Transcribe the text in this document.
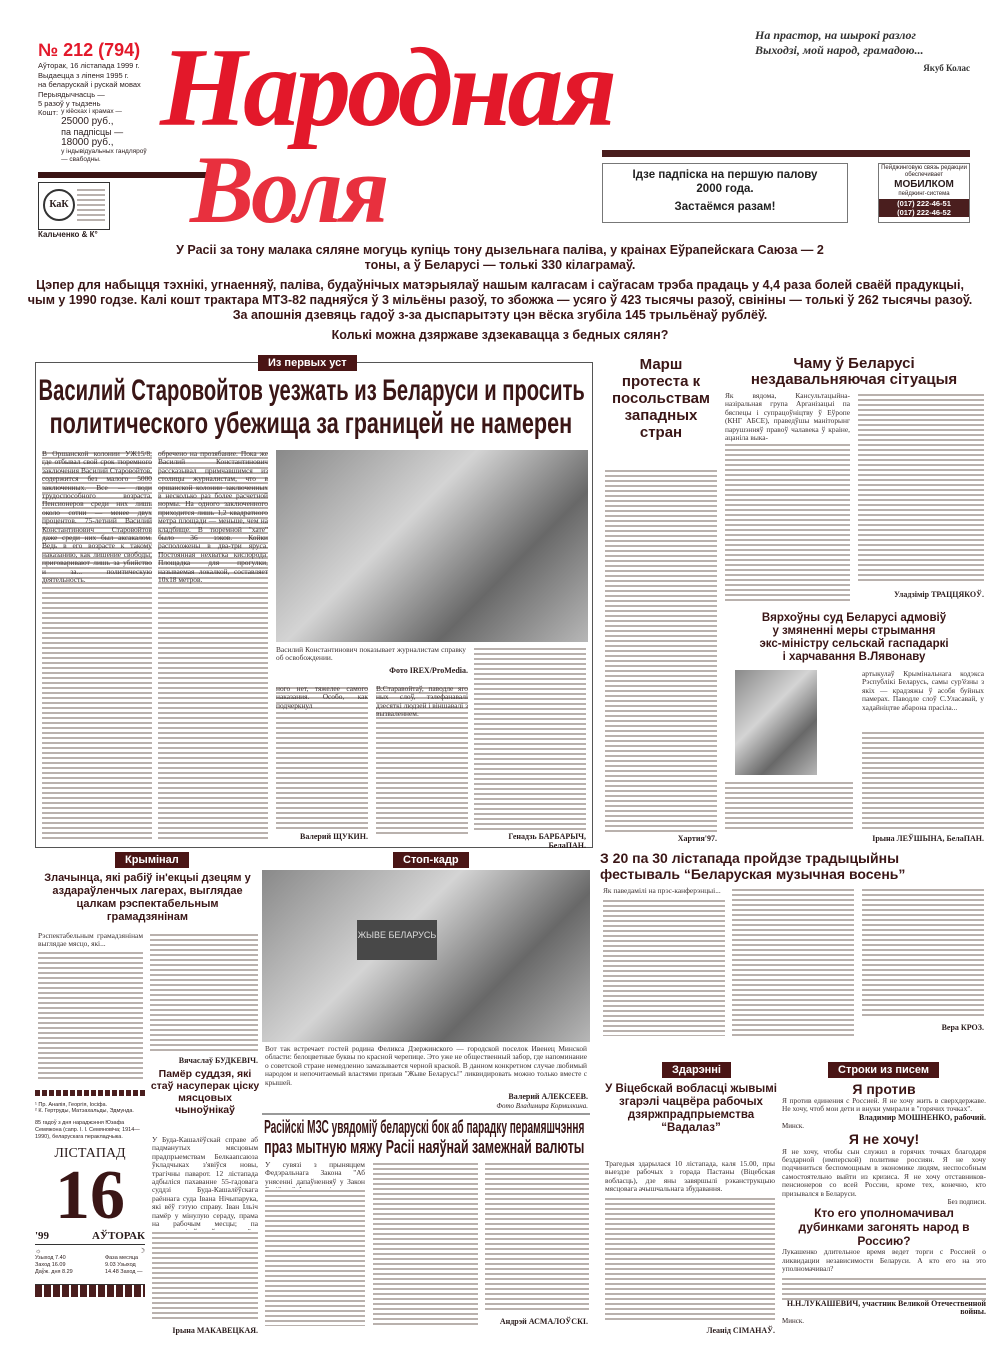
№ 212 (794)
Аўторак, 16 лістапада 1999 г.
Выдаецца з ліпеня 1995 г.
на беларускай і рускай мовах
Перыядычнасць —
5 разоў у тыдзень
Кошт: у кіёсках і крамах —
25000 руб.,
па падпісцы —
18000 руб.,
у індывідуальных гандляроў
— свабодны.
КаК
Кальченко & К°
Народная
Воля
На прастор, на шырокі разлог
Выходзі, мой народ, грамадою...
Якуб Колас
Ідзе падпіска на першую палову
2000 года.
Застаёмся разам!
Пейджинговую связь редакции обеспечивает
МОБИЛКОМ
пейджинг-система
(017) 222-46-51
(017) 222-46-52
У Расіі за тону малака сяляне могуць купіць тону дызельнага паліва, у краінах Еўрапейскага Саюза — 2 тоны, а ў Беларусі — толькі 330 кілаграмаў.
Цэпер для набыцця тэхнікі, угнаенняў, паліва, будаўнічых матэрыялаў нашым калгасам і саўгасам трэба прадаць у 4,4 раза болей сваёй прадукцыі, чым у 1990 годзе. Калі кошт трактара МТЗ-82 падняўся ў 3 мільёны разоў, то збожжа — усяго ў 423 тысячы разоў, свініны — толькі ў 262 тысячы разоў. За апошнія дзевяць гадоў з-за дыспарытэту цэн вёска згубіла 145 трыльёнаў рублёў.
Колькі можна дзяржаве здзекавацца з бедных сялян?
Из первых уст
Василий Старовойтов уезжать из Беларуси и просить
политического убежища за границей не намерен
В Оршанской колонии УЖ15/8, где отбывал свой срок тюремного заключения Василий Старовойтов, содержится без малого 5000 заключенных. Все — люди трудоспособного возраста. Пенсионеров среди них лишь около сотни — менее двух процентов. 75-летний Василий Константинович Старовойтов даже среди них был аксакалом. Ведь в его возрасте к такому наказанию, как лишение свободы, приговаривают лишь за убийство и за... политическую деятельность.
обречено на прозябание. Пока же Василий Константинович рассказывал примчавшимся из столицы журналистам, что в оршанской колонии заключенных в несколько раз более расчетной нормы. На одного заключенного приходится лишь 1,2 квадратного метра площади — меньше, чем на кладбище. В тюремной "хате" было 36 зэков. Койки расположены в два-три яруса. Постоянная нехватка кислорода. Площадка для прогулки, называемая локалкой, составляет 10х18 метров.
Василий Константинович показывает журналистам справку об освобождении.
Фото IREX/ProMedia.
ного нет, тяжелее самого наказания. Особо, как подчеркнул
Валерий ЩУКИН.
В.Старавойтаў, паводле яго ных слоў, тэлефанавалі дзесяткі людзей і віншавалі з вызваленнем.
Генадзь БАРБАРЫЧ, БелаПАН.
Марш протеста к посольствам западных стран
Хартия'97.
Чаму ў Беларусі
нездавальняючая сітуацыя
Як вядома, Кансультацыйна-назіральная група Арганізацыі па бяспецы і супрацоўніцтву ў Еўропе (КНГ АБСЕ), праведўшы маніторынг парушэнняў правоў чалавека ў краіне, ацаніла выка-
Уладзімір ТРАЦЦЯКОЎ.
Вярхоўны суд Беларусі адмовіў
у змяненні меры стрымання
экс-міністру сельскай гаспадаркі
і харчавання В.Лявонаву
артыкулаў Крымінальнага кодэкса Рэспублікі Беларусь, самы сур'ёзны з якіх — крадзяжы ў асобя буйных памерах. Паводле слоў С.Уласавай, у хадайніцтве абарона прасіла...
Ірына ЛЕЎШЫНА, БелаПАН.
Крымінал
Злачынца, які рабіў ін'екцыі дзецям у аздараўленчых лагерах, выглядае цалкам рэспектабельным грамадзянінам
Рэспектабельным грамадзянінам выглядае мясцо, які...
Вячаслаў БУДКЕВІЧ.
¹ Пр. Анапія, Георгія, Іосіфа.
² К. Гертруды, Матэахальды, Эдмунда.
85 гадоў з дня нараджэння Юзафа Семяжона (сапр. І. І. Семяновіча; 1914—1990), беларускага перакладчыка.
ЛІСТАПАД
16
'99	АЎТОРАК
☼	☽
Узыход 7.40 Заход 16.09 Даўж. дня 8.29
Фаза месяца 9.03 Узыход 14.48 Заход —
Памёр суддзя, які стаў насуперак ціску мясцовых чыноўнікаў
У Буда-Кашалёўскай справе аб падманутых мясцовым прадпрыемствам Белкаапсаюза ўкладчыках з'явіўся новы, трагічны паварот. 12 лістапада адбыліся пахаванне 55-гадовага суддзі Буда-Кашалёўскага раённага суда Івана Нічыпарука, які вёў гэтую справу. Іван Ільіч памёр у мінулую сераду, прама на рабочым месцы; па
Ірына МАКАВЕЦКАЯ.
Стоп-кадр
ЖЫВЕ БЕЛАРУСЬ
Вот так встречает гостей родина Феликса Дзержинского — городской поселок Ивенец Минской области: белоцветные буквы по красной черепице. Это уже не общественный забор, где напоминание о советской стране немедленно замазывается черной краской. В данном конкретном случае любимый народом и непочитаемый властями призыв "Жыве Беларусь!" ликвидировать можно только вместе с крышей.
Валерий АЛЕКСЕЕВ.
Фото Владимира Кормилкина.
Расійскі МЗС увядоміў беларускі бок аб парадку перамяшчэння
праз мытную мяжу Расіі наяўнай замежнай валюты
У сувязі з прыняццем Федэральнага Закона "Аб унясенні дапаўненняў у Закон
Андрэй АСМАЛОЎСКІ.
З 20 па 30 лістапада пройдзе традыцыйны
фестываль “Беларуская музычная восень”
Як паведамілі на прэс-канферэнцыі...
Вера КРОЗ.
Здарэнні
У Віцебскай вобласці жывымі згарэлі чацвёра рабочых дзяржпрадпрыемства “Вадалаз”
Трагедыя здарылася 10 лістапада, каля 15.00, пры выездзе рабочых з горада Пастаны (Віцебская вобласць), дзе яны завяршылі рэканструкцыю мясцовага ачышчальнага збудавання.
Леанід СІМАНАЎ.
Строки из писем
Я против
Я против единения с Россией. Я не хочу жить в сверхдержаве. Не хочу, чтоб мои дети и внуки умирали в "горячих точках".
Владимир МОШНЕНКО, рабочий.
Минск.
Я не хочу!
Я не хочу, чтобы сын служил в горячих точках благодаря бездарной (имперской) политике россиян. Я не хочу подчиниться беспомощным в экономике людям, неспособным самостоятельно выйти из кризиса. Я не хочу отставников-пенсионеров со всей России, кроме тех, конечно, кто призывался в Беларуси.
Без подписи.
Кто его уполномачивал дубинками загонять народ в Россию?
Лукашенко длительное время ведет торги с Россией о ликвидации независимости Беларуси. А кто его на это уполномачивал?
Н.Н.ЛУКАШЕВИЧ, участник Великой Отечественной войны.
Минск.
